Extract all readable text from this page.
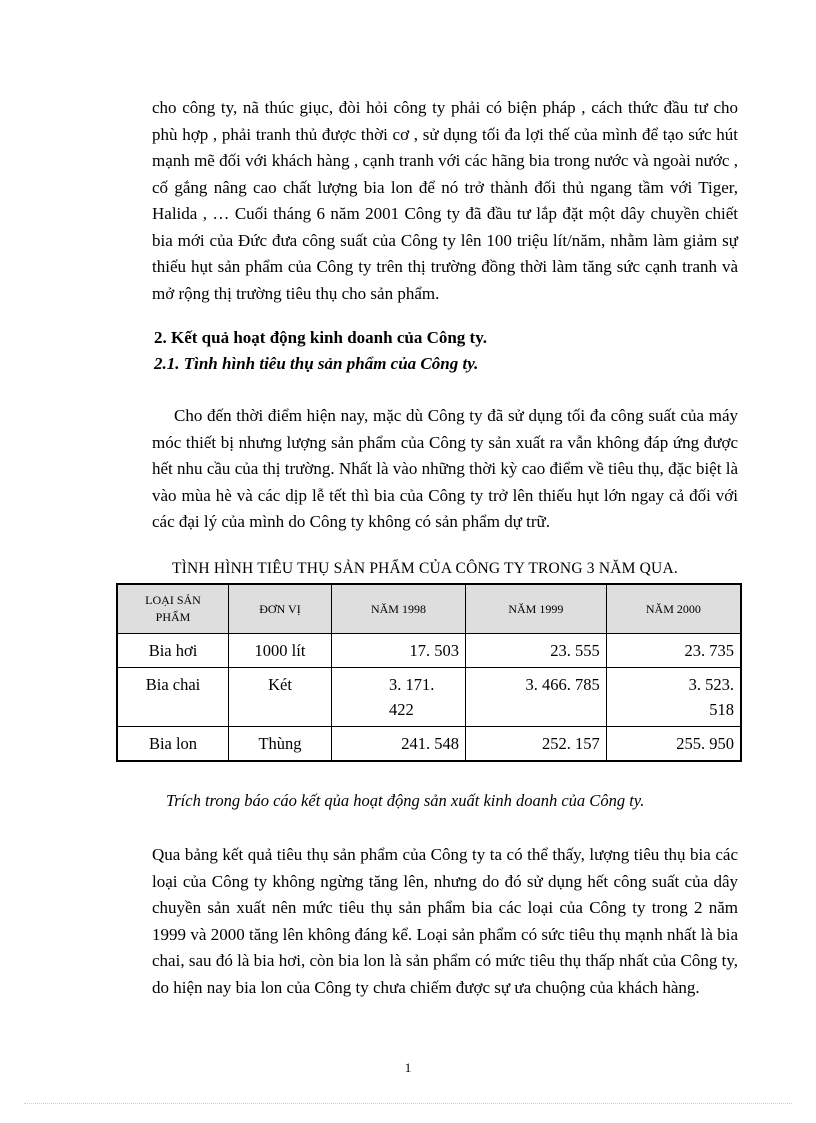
cho công ty, nã thúc giục, đòi hỏi công ty phải có biện pháp , cách thức đầu tư cho phù hợp , phải tranh thủ được thời cơ , sử dụng tối đa lợi thế của mình để tạo sức hút mạnh mẽ đối với khách hàng , cạnh tranh với các hãng bia trong nước và ngoài nước , cố gắng nâng cao chất lượng bia lon để nó trở thành đối thủ ngang tầm với Tiger, Halida , … Cuối tháng 6 năm 2001 Công ty đã đầu tư lắp đặt một dây chuyền chiết bia mới của Đức đưa công suất của Công ty lên 100 triệu lít/năm, nhằm làm giảm sự thiếu hụt sản phẩm của Công ty trên thị trường đồng thời làm tăng sức cạnh tranh và mở rộng thị trường tiêu thụ cho sản phẩm.

2. Kết quả hoạt động kinh doanh của Công ty.

2.1. Tình hình tiêu thụ sản phẩm của Công ty.

Cho đến thời điểm hiện nay, mặc dù Công ty đã sử dụng tối đa công suất của máy móc thiết bị nhưng lượng sản phẩm của Công ty sản xuất ra vẫn không đáp ứng được hết nhu cầu của thị trường. Nhất là vào những thời kỳ cao điểm về tiêu thụ, đặc biệt là vào mùa hè và các dịp lễ tết thì bia của Công ty trở lên thiếu hụt lớn ngay cả đối với các đại lý của mình do Công ty không có sản phẩm dự trữ.

TÌNH HÌNH TIÊU THỤ SẢN PHẨM CỦA CÔNG TY TRONG 3 NĂM QUA.

LOẠI SẢN PHẨM	ĐƠN VỊ	NĂM 1998	NĂM 1999	NĂM 2000
Bia hơi	1000 lít	17. 503	23. 555	23. 735
Bia chai	Két	3. 171. 422	3. 466. 785	3. 523. 518
Bia lon	Thùng	241. 548	252. 157	255. 950

Trích trong báo cáo kết qủa hoạt động sản xuất kinh doanh của Công ty.

Qua bảng kết quả tiêu thụ sản phẩm của Công ty ta có thể thấy, lượng tiêu thụ bia các loại của Công ty không ngừng tăng lên, nhưng do đó sử dụng hết công suất của dây chuyền sản xuất nên mức tiêu thụ sản phẩm bia các loại của Công ty trong 2 năm 1999 và 2000 tăng lên không đáng kể. Loại sản phẩm có sức tiêu thụ mạnh nhất là bia chai, sau đó là bia hơi, còn bia lon là sản phẩm có mức tiêu thụ thấp nhất của Công ty, do hiện nay bia lon của Công ty chưa chiếm được sự ưa chuộng của khách hàng.

1
